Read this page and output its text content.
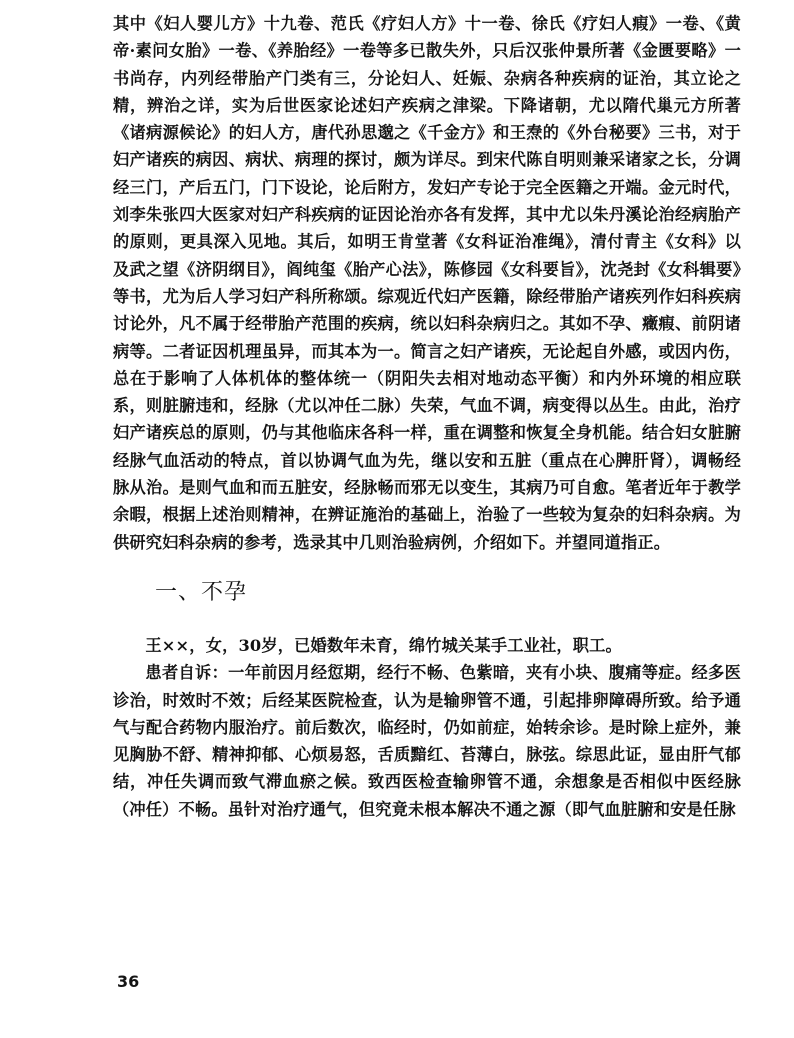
其中《妇人婴儿方》十九卷、范氏《疗妇人方》十一卷、徐氏《疗妇人瘕》一卷、《黄帝·素问女胎》一卷、《养胎经》一卷等多已散失外，只后汉张仲景所著《金匮要略》一书尚存，内列经带胎产门类有三，分论妇人、妊娠、杂病各种疾病的证治，其立论之精，辨治之详，实为后世医家论述妇产疾病之津梁。下降诸朝，尤以隋代巢元方所著《诸病源候论》的妇人方，唐代孙思邈之《千金方》和王焘的《外台秘要》三书，对于妇产诸疾的病因、病状、病理的探讨，颇为详尽。到宋代陈自明则兼采诸家之长，分调经三门，产后五门，门下设论，论后附方，发妇产专论于完全医籍之开端。金元时代，刘李朱张四大医家对妇产科疾病的证因论治亦各有发挥，其中尤以朱丹溪论治经病胎产的原则，更具深入见地。其后，如明王肯堂著《女科证治准绳》，清付青主《女科》以及武之望《济阴纲目》，阎纯玺《胎产心法》，陈修园《女科要旨》，沈尧封《女科辑要》等书，尤为后人学习妇产科所称颂。综观近代妇产医籍，除经带胎产诸疾列作妇科疾病讨论外，凡不属于经带胎产范围的疾病，统以妇科杂病归之。其如不孕、癥瘕、前阴诸病等。二者证因机理虽异，而其本为一。简言之妇产诸疾，无论起自外感，或因内伤，总在于影响了人体机体的整体统一（阴阳失去相对地动态平衡）和内外环境的相应联系，则脏腑违和，经脉（尤以冲任二脉）失荣，气血不调，病变得以丛生。由此，治疗妇产诸疾总的原则，仍与其他临床各科一样，重在调整和恢复全身机能。结合妇女脏腑经脉气血活动的特点，首以协调气血为先，继以安和五脏（重点在心脾肝肾），调畅经脉从治。是则气血和而五脏安，经脉畅而邪无以变生，其病乃可自愈。笔者近年于教学余暇，根据上述治则精神，在辨证施治的基础上，治验了一些较为复杂的妇科杂病。为供研究妇科杂病的参考，选录其中几则治验病例，介绍如下。并望同道指正。

一、不孕

王××，女，30岁，已婚数年未育，绵竹城关某手工业社，职工。

患者自诉：一年前因月经愆期，经行不畅、色紫暗，夹有小块、腹痛等症。经多医诊治，时效时不效；后经某医院检查，认为是输卵管不通，引起排卵障碍所致。给予通气与配合药物内服治疗。前后数次，临经时，仍如前症，始转余诊。是时除上症外，兼见胸胁不舒、精神抑郁、心烦易怒，舌质黯红、苔薄白，脉弦。综思此证，显由肝气郁结，冲任失调而致气滞血瘀之候。致西医检查输卵管不通，余想象是否相似中医经脉（冲任）不畅。虽针对治疗通气，但究竟未根本解决不通之源（即气血脏腑和安是任脉

36
